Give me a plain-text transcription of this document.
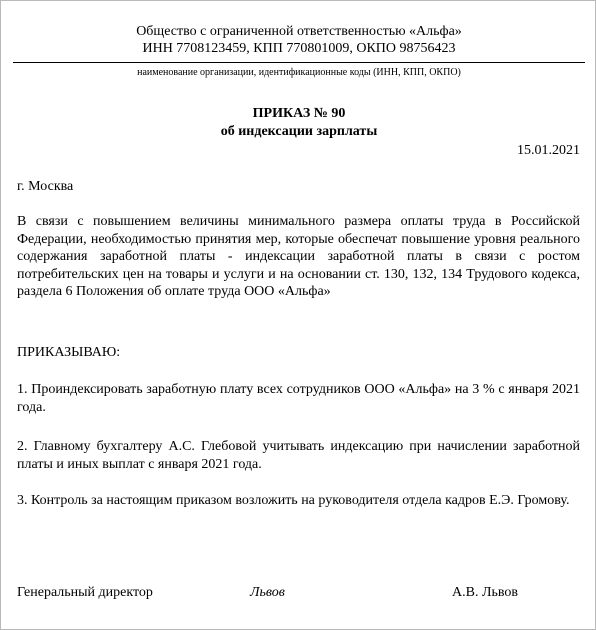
Общество с ограниченной ответственностью «Альфа»
ИНН 7708123459, КПП 770801009, ОКПО 98756423
наименование организации, идентификационные коды (ИНН, КПП, ОКПО)
ПРИКАЗ № 90
об индексации зарплаты
15.01.2021
г. Москва
В связи с повышением величины минимального размера оплаты труда в Российской Федерации, необходимостью принятия мер, которые обеспечат повышение уровня реального содержания заработной платы - индексации заработной платы в связи с ростом потребительских цен на товары и услуги и на основании ст. 130, 132, 134 Трудового кодекса, раздела 6 Положения об оплате труда ООО «Альфа»
ПРИКАЗЫВАЮ:
1. Проиндексировать заработную плату всех сотрудников ООО «Альфа» на 3 % с января 2021 года.
2. Главному бухгалтеру А.С. Глебовой учитывать индексацию при начислении заработной платы и иных выплат с января 2021 года.
3. Контроль за настоящим приказом возложить на руководителя отдела кадров Е.Э. Громову.
Генеральный директор	Львов	А.В. Львов
